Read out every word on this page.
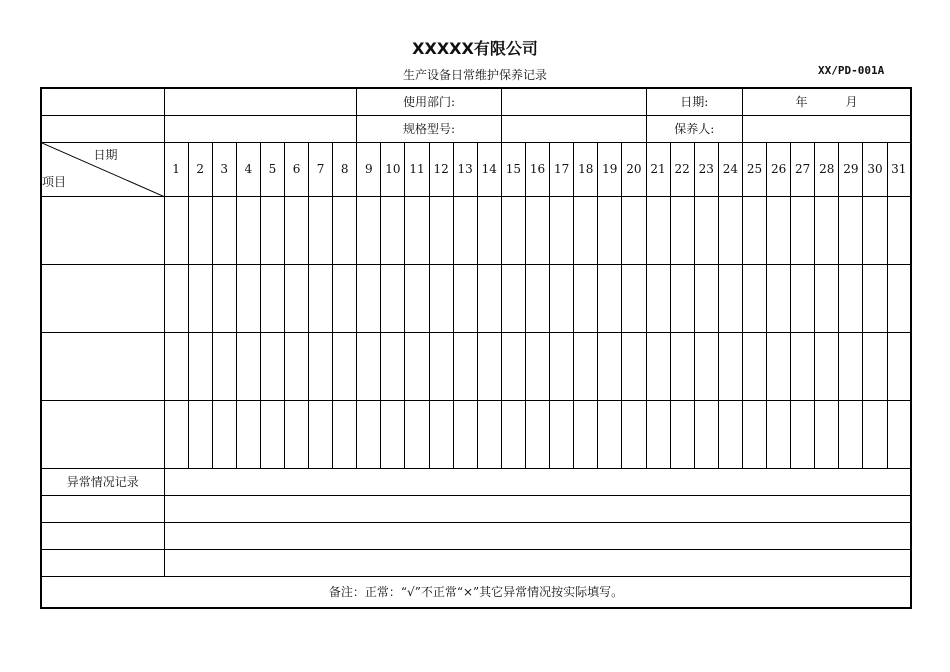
XXXXX有限公司
生产设备日常维护保养记录	XX/PD-001A
									使用部门:												日期:				年 月						
									规格型号:												保养人:										

日期
项目	1	2	3	4	5	6	7	8	9	10	11	12	13	14	15	16	17	18	19	20	21	22	23	24	25	26	27	28	29	30	31

异常情况记录																															

备注：正常：“√”不正常“×”其它异常情况按实际填写。																															
